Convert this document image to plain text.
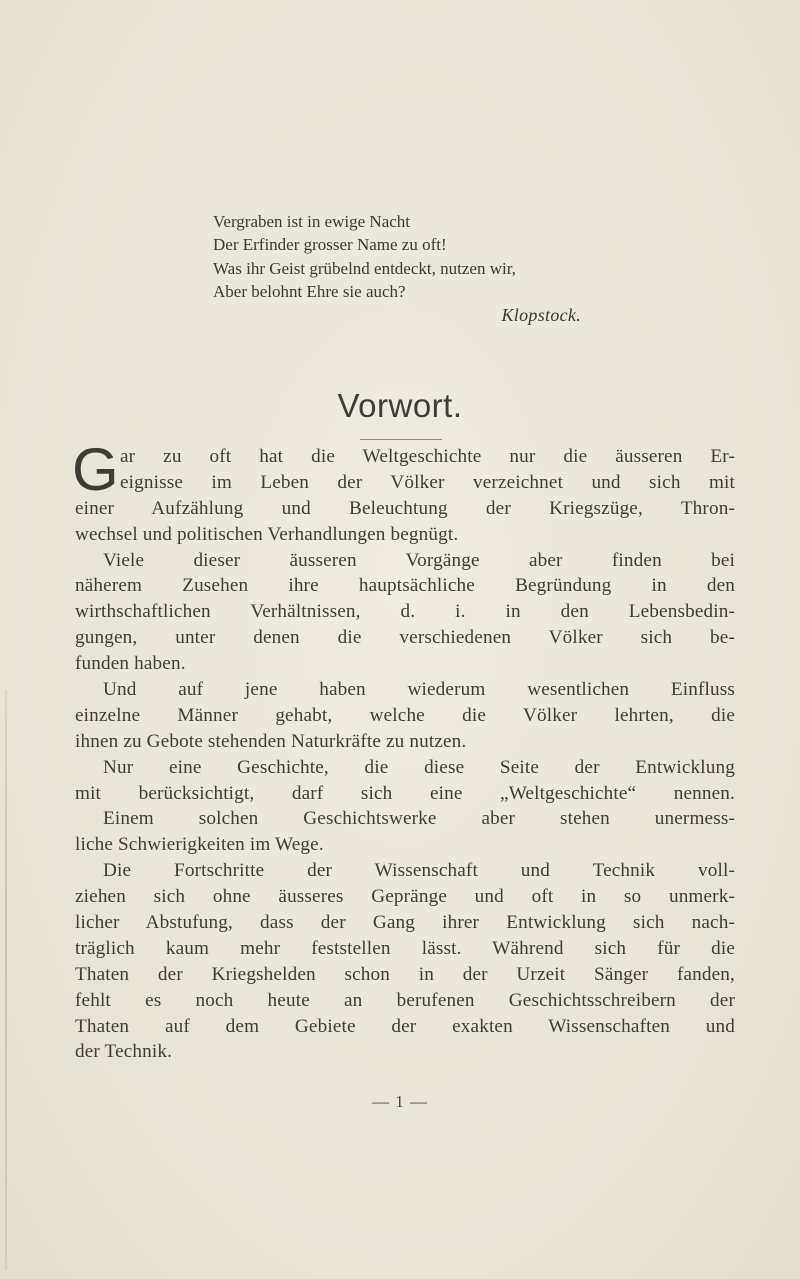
Vergraben ist in ewige Nacht
Der Erfinder grosser Name zu oft!
Was ihr Geist grübelnd entdeckt, nutzen wir,
Aber belohnt Ehre sie auch?
Klopstock.
Vorwort.
G ar zu oft hat die Weltgeschichte nur die äusseren Er-
eignisse im Leben der Völker verzeichnet und sich mit
einer Aufzählung und Beleuchtung der Kriegszüge, Thron-
wechsel und politischen Verhandlungen begnügt.
Viele dieser äusseren Vorgänge aber finden bei
näherem Zusehen ihre hauptsächliche Begründung in den
wirthschaftlichen Verhältnissen, d. i. in den Lebensbedin-
gungen, unter denen die verschiedenen Völker sich be-
funden haben.
Und auf jene haben wiederum wesentlichen Einfluss
einzelne Männer gehabt, welche die Völker lehrten, die
ihnen zu Gebote stehenden Naturkräfte zu nutzen.
Nur eine Geschichte, die diese Seite der Entwicklung
mit berücksichtigt, darf sich eine „Weltgeschichte“ nennen.
Einem solchen Geschichtswerke aber stehen unermess-
liche Schwierigkeiten im Wege.
Die Fortschritte der Wissenschaft und Technik voll-
ziehen sich ohne äusseres Gepränge und oft in so unmerk-
licher Abstufung, dass der Gang ihrer Entwicklung sich nach-
träglich kaum mehr feststellen lässt. Während sich für die
Thaten der Kriegshelden schon in der Urzeit Sänger fanden,
fehlt es noch heute an berufenen Geschichtsschreibern der
Thaten auf dem Gebiete der exakten Wissenschaften und
der Technik.
— 1 —
